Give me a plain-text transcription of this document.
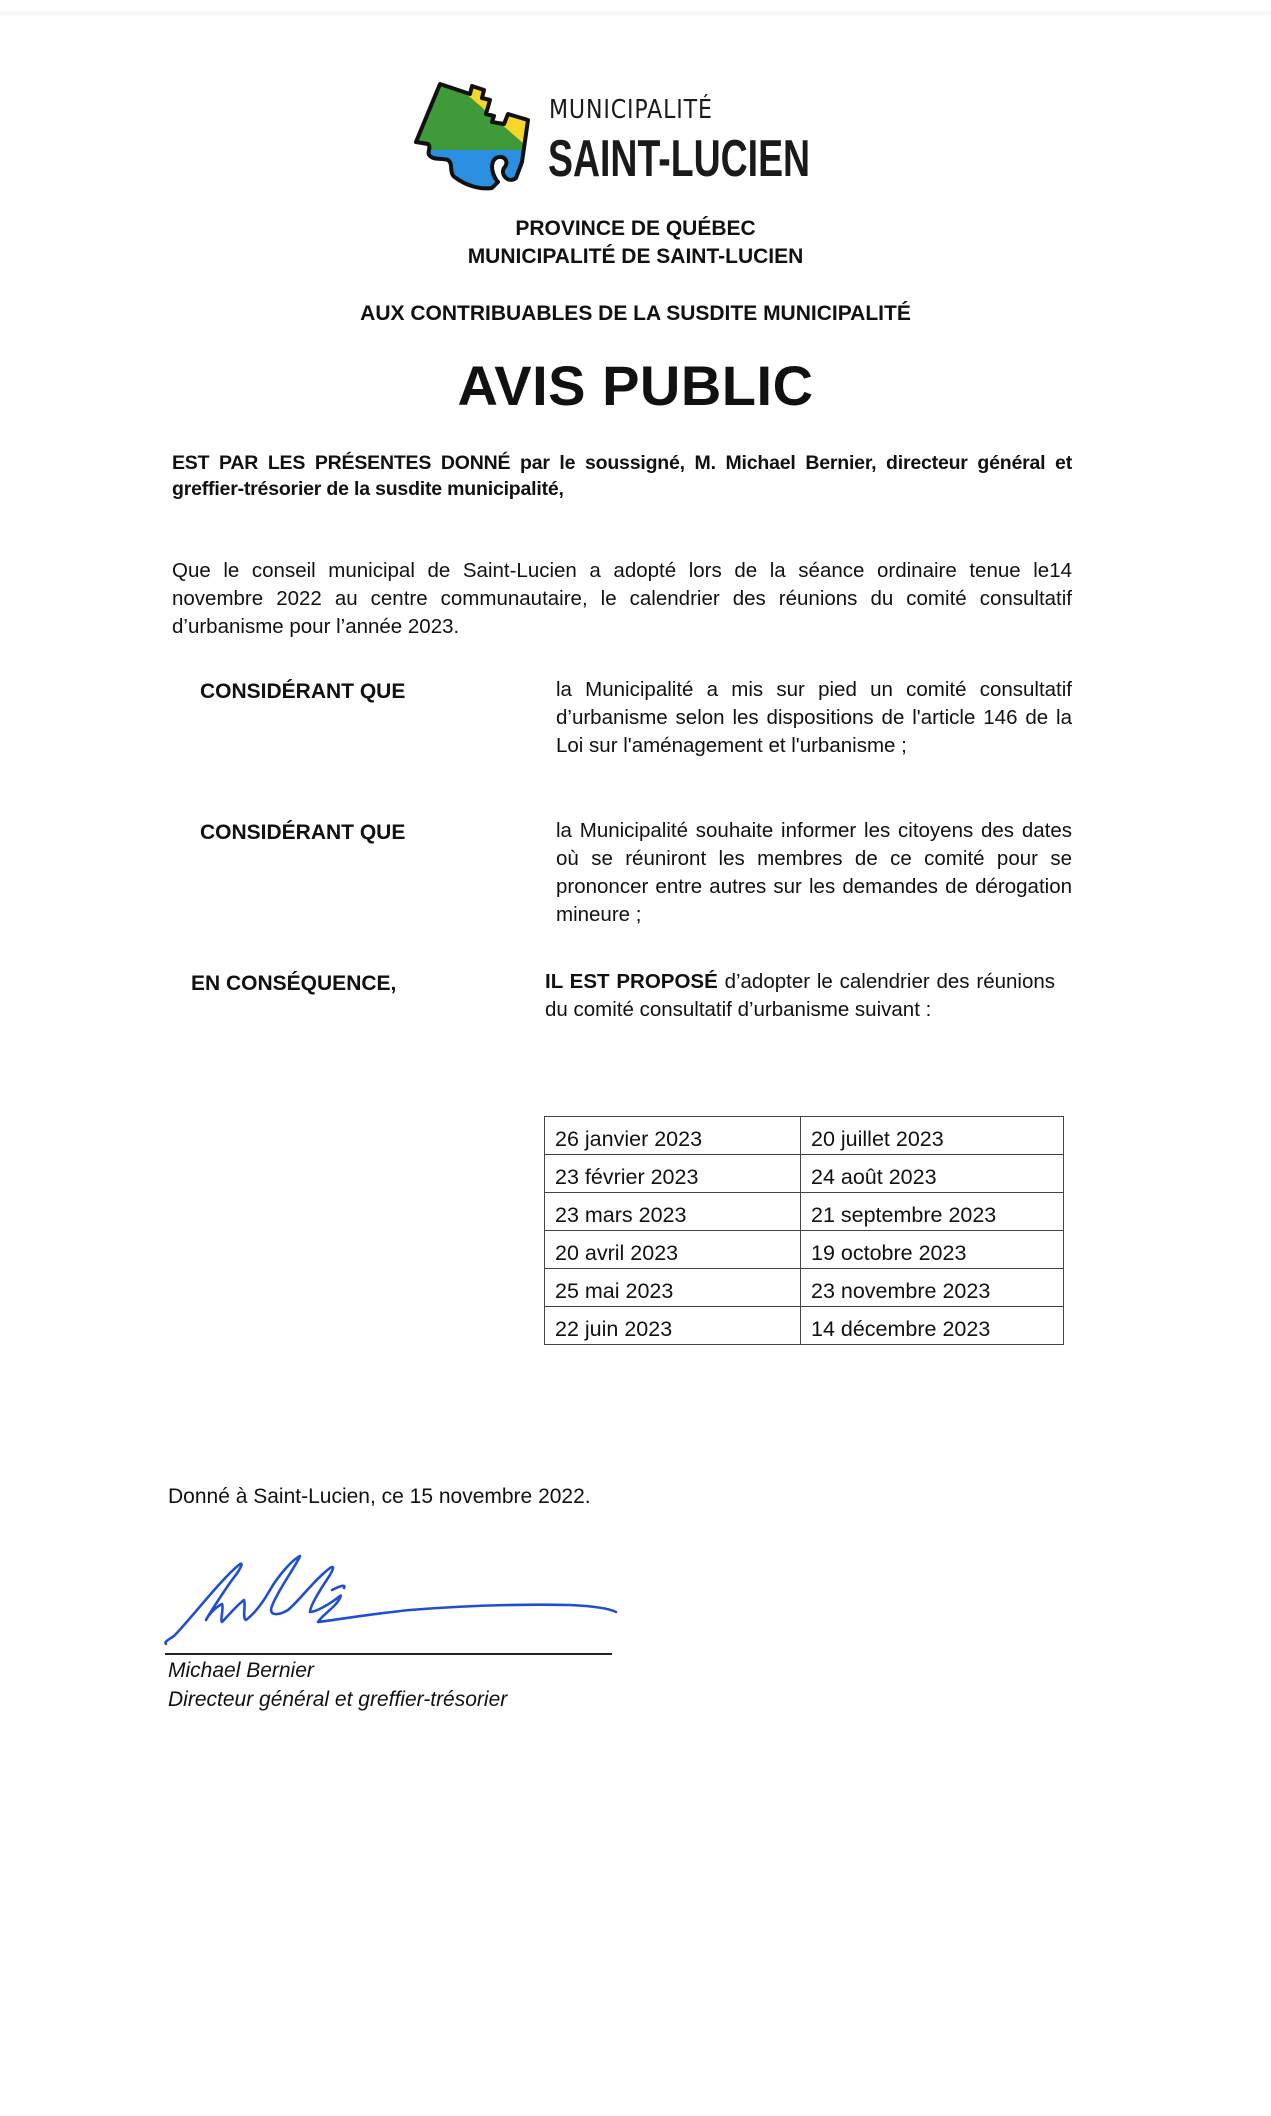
MUNICIPALITÉ
SAINT-LUCIEN
PROVINCE DE QUÉBEC
MUNICIPALITÉ DE SAINT-LUCIEN
AUX CONTRIBUABLES DE LA SUSDITE MUNICIPALITÉ
AVIS PUBLIC
EST PAR LES PRÉSENTES DONNÉ par le soussigné, M. Michael Bernier, directeur général et greffier-trésorier de la susdite municipalité,
Que le conseil municipal de Saint-Lucien a adopté lors de la séance ordinaire tenue le14 novembre 2022 au centre communautaire, le calendrier des réunions du comité consultatif d’urbanisme pour l’année 2023.
CONSIDÉRANT QUE	la Municipalité a mis sur pied un comité consultatif d’urbanisme selon les dispositions de l'article 146 de la Loi sur l'aménagement et l'urbanisme ;
CONSIDÉRANT QUE	la Municipalité souhaite informer les citoyens des dates où se réuniront les membres de ce comité pour se prononcer entre autres sur les demandes de dérogation mineure ;
EN CONSÉQUENCE,	IL EST PROPOSÉ d’adopter le calendrier des réunions du comité consultatif d’urbanisme suivant :
26 janvier 2023	20 juillet 2023
23 février 2023	24 août 2023
23 mars 2023	21 septembre 2023
20 avril 2023	19 octobre 2023
25 mai 2023	23 novembre 2023
22 juin 2023	14 décembre 2023
Donné à Saint-Lucien, ce 15 novembre 2022.
Michael Bernier
Directeur général et greffier-trésorier
